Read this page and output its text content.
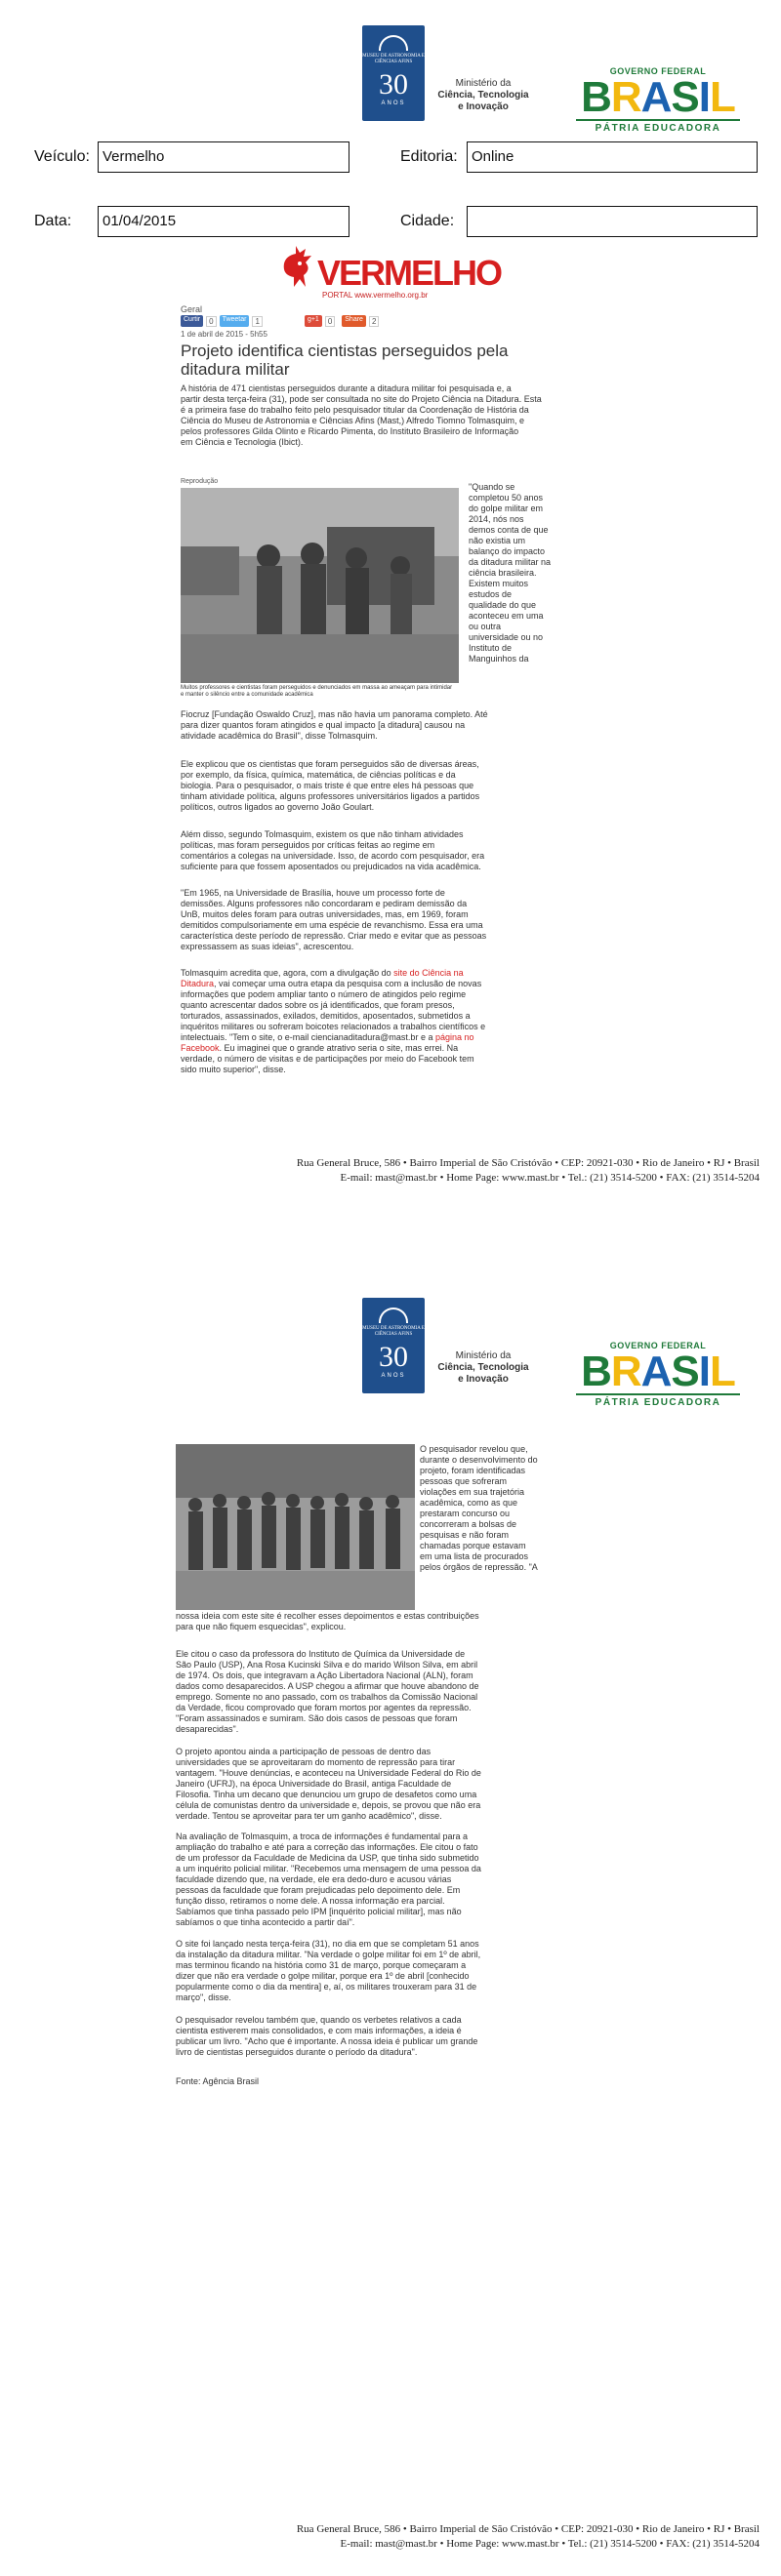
MUSEU DE ASTRONOMIA E CIÊNCIAS AFINS
30
ANOS
Ministério da
Ciência, Tecnologia
e Inovação
GOVERNO FEDERAL
BRASIL
PÁTRIA EDUCADORA
Veículo: Vermelho	Editoria: Online
Data:	01/04/2015	Cidade:
VERMELHO
PORTAL www.vermelho.org.br
Geral
Curtir	0	Tweetar	1	g+1	0	Share	2
1 de abril de 2015 - 5h55
Projeto identifica cientistas perseguidos pela
ditadura militar
A história de 471 cientistas perseguidos durante a ditadura militar foi pesquisada e, a
partir desta terça-feira (31), pode ser consultada no site do Projeto Ciência na Ditadura. Esta
é a primeira fase do trabalho feito pelo pesquisador titular da Coordenação de História da
Ciência do Museu de Astronomia e Ciências Afins (Mast,) Alfredo Tiomno Tolmasquim, e
pelos professores Gilda Olinto e Ricardo Pimenta, do Instituto Brasileiro de Informação
em Ciência e Tecnologia (Ibict).
Reprodução
Muitos professores e cientistas foram perseguidos e denunciados em massa ao ameaçam para intimidar
e manter o silêncio entre a comunidade acadêmica
"Quando se
completou 50 anos
do golpe militar em
2014, nós nos
demos conta de que
não existia um
balanço do impacto
da ditadura militar na
ciência brasileira.
Existem muitos
estudos de
qualidade do que
aconteceu em uma
ou outra
universidade ou no
Instituto de
Manguinhos da

Fiocruz [Fundação Oswaldo Cruz], mas não havia um panorama completo. Até
para dizer quantos foram atingidos e qual impacto [a ditadura] causou na
atividade acadêmica do Brasil", disse Tolmasquim.
Ele explicou que os cientistas que foram perseguidos são de diversas áreas,
por exemplo, da física, química, matemática, de ciências políticas e da
biologia. Para o pesquisador, o mais triste é que entre eles há pessoas que
tinham atividade política, alguns professores universitários ligados a partidos
políticos, outros ligados ao governo João Goulart.
Além disso, segundo Tolmasquim, existem os que não tinham atividades
políticas, mas foram perseguidos por críticas feitas ao regime em
comentários a colegas na universidade. Isso, de acordo com pesquisador, era
suficiente para que fossem aposentados ou prejudicados na vida acadêmica.
"Em 1965, na Universidade de Brasília, houve um processo forte de
demissões. Alguns professores não concordaram e pediram demissão da
UnB, muitos deles foram para outras universidades, mas, em 1969, foram
demitidos compulsoriamente em uma espécie de revanchismo. Essa era uma
característica deste período de repressão. Criar medo e evitar que as pessoas
expressassem as suas ideias", acrescentou.
Tolmasquim acredita que, agora, com a divulgação do site do Ciência na
Ditadura, vai começar uma outra etapa da pesquisa com a inclusão de novas
informações que podem ampliar tanto o número de atingidos pelo regime
quanto acrescentar dados sobre os já identificados, que foram presos,
torturados, assassinados, exilados, demitidos, aposentados, submetidos a
inquéritos militares ou sofreram boicotes relacionados a trabalhos científicos e
intelectuais. "Tem o site, o e-mail ciencianaditadura@mast.br e a página no
Facebook. Eu imaginei que o grande atrativo seria o site, mas errei. Na
verdade, o número de visitas e de participações por meio do Facebook tem
sido muito superior", disse.
Rua General Bruce, 586 • Bairro Imperial de São Cristóvão • CEP: 20921-030 • Rio de Janeiro • RJ • Brasil
E-mail: mast@mast.br • Home Page: www.mast.br • Tel.: (21) 3514-5200 • FAX: (21) 3514-5204
MUSEU DE ASTRONOMIA E CIÊNCIAS AFINS
30
ANOS
Ministério da
Ciência, Tecnologia
e Inovação
GOVERNO FEDERAL
BRASIL
PÁTRIA EDUCADORA
O pesquisador revelou que,
durante o desenvolvimento do
projeto, foram identificadas
pessoas que sofreram
violações em sua trajetória
acadêmica, como as que
prestaram concurso ou
concorreram a bolsas de
pesquisas e não foram
chamadas porque estavam
em uma lista de procurados
pelos órgãos de repressão. "A
nossa ideia com este site é recolher esses depoimentos e estas contribuições
para que não fiquem esquecidas", explicou.
Ele citou o caso da professora do Instituto de Química da Universidade de
São Paulo (USP), Ana Rosa Kucinski Silva e do marido Wilson Silva, em abril
de 1974. Os dois, que integravam a Ação Libertadora Nacional (ALN), foram
dados como desaparecidos. A USP chegou a afirmar que houve abandono de
emprego. Somente no ano passado, com os trabalhos da Comissão Nacional
da Verdade, ficou comprovado que foram mortos por agentes da repressão.
"Foram assassinados e sumiram. São dois casos de pessoas que foram
desaparecidas".
O projeto apontou ainda a participação de pessoas de dentro das
universidades que se aproveitaram do momento de repressão para tirar
vantagem. "Houve denúncias, e aconteceu na Universidade Federal do Rio de
Janeiro (UFRJ), na época Universidade do Brasil, antiga Faculdade de
Filosofia. Tinha um decano que denunciou um grupo de desafetos como uma
célula de comunistas dentro da universidade e, depois, se provou que não era
verdade. Tentou se aproveitar para ter um ganho acadêmico", disse.
Na avaliação de Tolmasquim, a troca de informações é fundamental para a
ampliação do trabalho e até para a correção das informações. Ele citou o fato
de um professor da Faculdade de Medicina da USP, que tinha sido submetido
a um inquérito policial militar. "Recebemos uma mensagem de uma pessoa da
faculdade dizendo que, na verdade, ele era dedo-duro e acusou várias
pessoas da faculdade que foram prejudicadas pelo depoimento dele. Em
função disso, retiramos o nome dele. A nossa informação era parcial.
Sabíamos que tinha passado pelo IPM [inquérito policial militar], mas não
sabíamos o que tinha acontecido a partir daí".
O site foi lançado nesta terça-feira (31), no dia em que se completam 51 anos
da instalação da ditadura militar. "Na verdade o golpe militar foi em 1º de abril,
mas terminou ficando na história como 31 de março, porque começaram a
dizer que não era verdade o golpe militar, porque era 1º de abril [conhecido
popularmente como o dia da mentira] e, aí, os militares trouxeram para 31 de
março", disse.
O pesquisador revelou também que, quando os verbetes relativos a cada
cientista estiverem mais consolidados, e com mais informações, a ideia é
publicar um livro. "Acho que é importante. A nossa ideia é publicar um grande
livro de cientistas perseguidos durante o período da ditadura".
Fonte: Agência Brasil
Rua General Bruce, 586 • Bairro Imperial de São Cristóvão • CEP: 20921-030 • Rio de Janeiro • RJ • Brasil
E-mail: mast@mast.br • Home Page: www.mast.br • Tel.: (21) 3514-5200 • FAX: (21) 3514-5204
